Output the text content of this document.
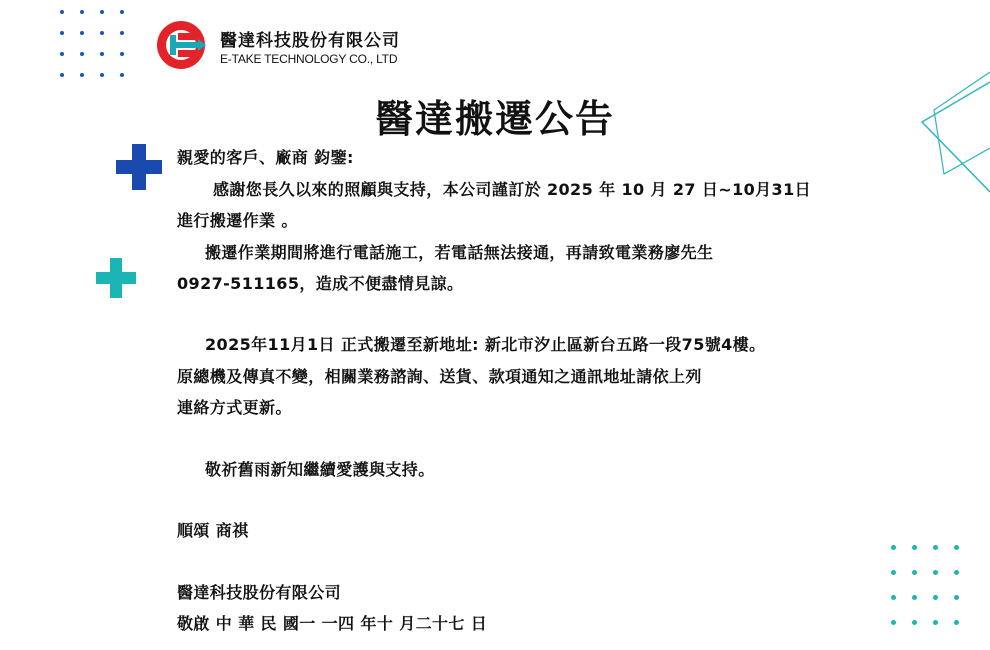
醫達科技股份有限公司
E-TAKE TECHNOLOGY CO., LTD
醫達搬遷公告
親愛的客戶、廠商 鈞鑒:
感謝您長久以來的照顧與支持，本公司謹訂於 2025 年 10 月 27 日~10月31日
進行搬遷作業 。
搬遷作業期間將進行電話施工，若電話無法接通，再請致電業務廖先生
0927-511165，造成不便盡情見諒。
2025年11月1日 正式搬遷至新地址: 新北市汐止區新台五路一段75號4樓。
原總機及傳真不變，相關業務諮詢、送貨、款項通知之通訊地址請依上列
連絡方式更新。
敬祈舊雨新知繼續愛護與支持。
順頌 商祺
醫達科技股份有限公司
敬啟 中 華 民 國一 一四 年十 月二十七 日
